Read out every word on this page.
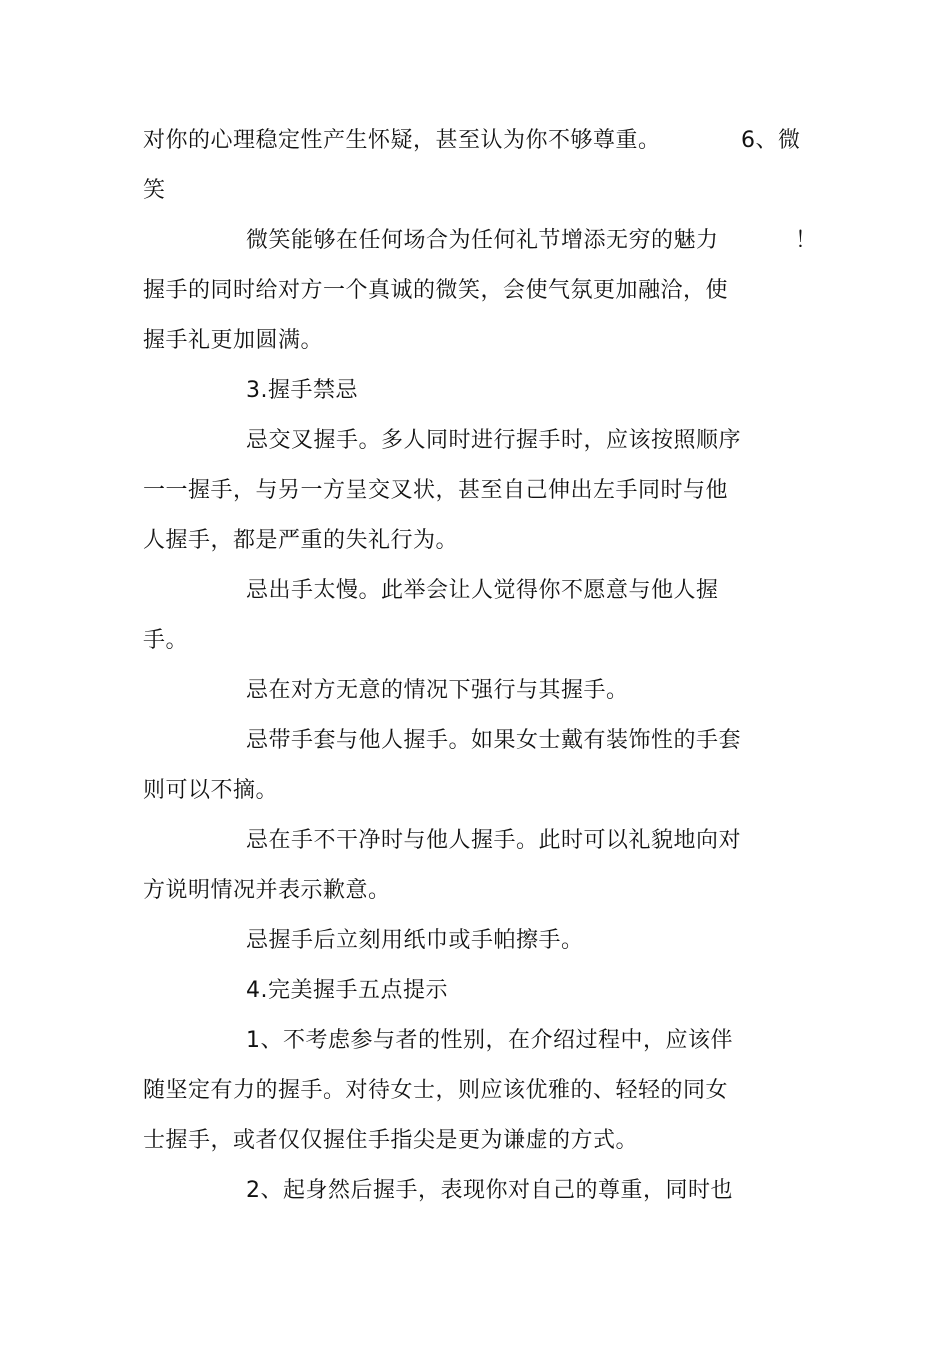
对你的心理稳定性产生怀疑，甚至认为你不够尊重。	6、微
笑
微笑能够在任何场合为任何礼节增添无穷的魅力	！
握手的同时给对方一个真诚的微笑，会使气氛更加融洽，使
握手礼更加圆满。
3.握手禁忌
忌交叉握手。多人同时进行握手时，应该按照顺序
一一握手，与另一方呈交叉状，甚至自己伸出左手同时与他
人握手，都是严重的失礼行为。
忌出手太慢。此举会让人觉得你不愿意与他人握
手。
忌在对方无意的情况下强行与其握手。
忌带手套与他人握手。如果女士戴有装饰性的手套
则可以不摘。
忌在手不干净时与他人握手。此时可以礼貌地向对
方说明情况并表示歉意。
忌握手后立刻用纸巾或手帕擦手。
4.完美握手五点提示
1、不考虑参与者的性别，在介绍过程中，应该伴
随坚定有力的握手。对待女士，则应该优雅的、轻轻的同女
士握手，或者仅仅握住手指尖是更为谦虚的方式。
2、起身然后握手，表现你对自己的尊重，同时也
